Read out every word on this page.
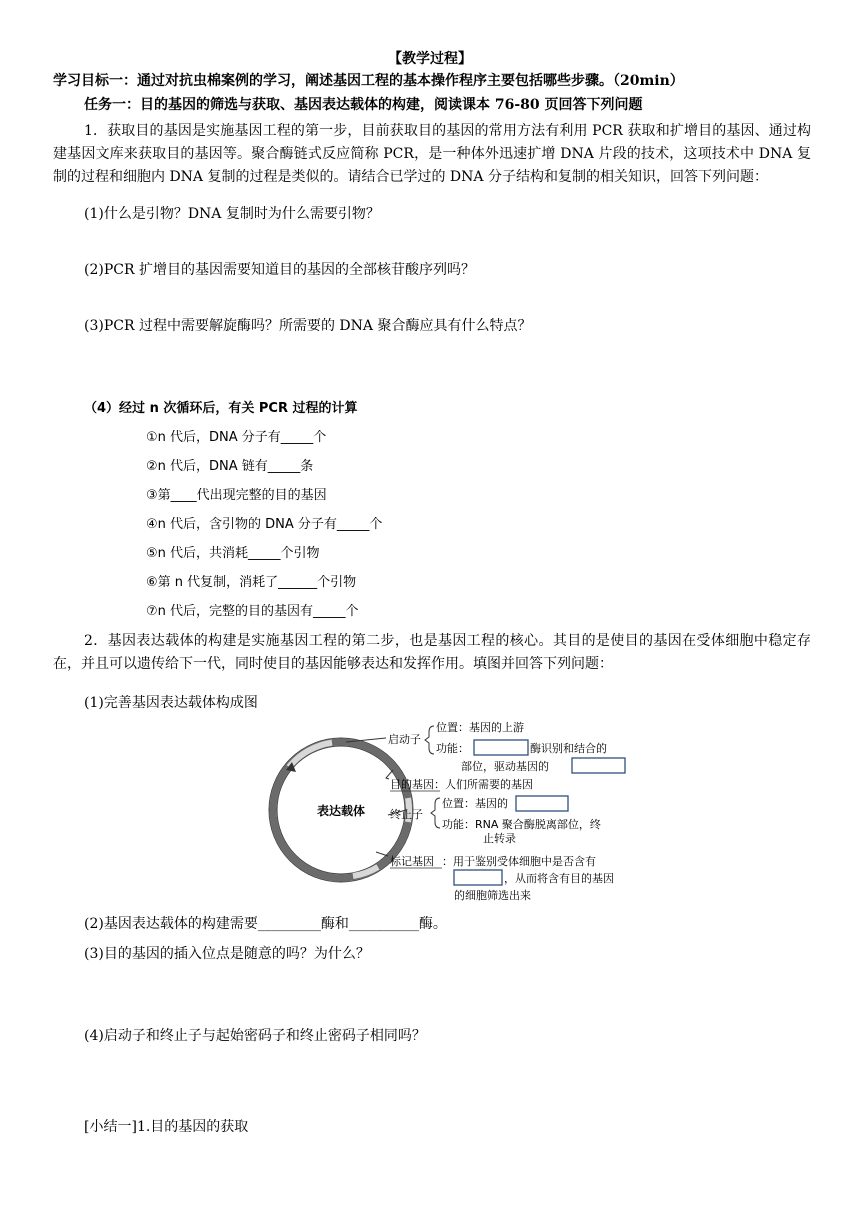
【教学过程】
学习目标一：通过对抗虫棉案例的学习，阐述基因工程的基本操作程序主要包括哪些步骤。（20min）
任务一：目的基因的筛选与获取、基因表达载体的构建，阅读课本 76-80 页回答下列问题
1．获取目的基因是实施基因工程的第一步，目前获取目的基因的常用方法有利用 PCR 获取和扩增目的基因、通过构建基因文库来获取目的基因等。聚合酶链式反应简称 PCR，是一种体外迅速扩增 DNA 片段的技术，这项技术中 DNA 复制的过程和细胞内 DNA 复制的过程是类似的。请结合已学过的 DNA 分子结构和复制的相关知识，回答下列问题：
(1)什么是引物？DNA 复制时为什么需要引物？
(2)PCR 扩增目的基因需要知道目的基因的全部核苷酸序列吗？
(3)PCR 过程中需要解旋酶吗？所需要的 DNA 聚合酶应具有什么特点？
（4）经过 n 次循环后，有关 PCR 过程的计算
①n 代后，DNA 分子有_____个
②n 代后，DNA 链有_____条
③第____代出现完整的目的基因
④n 代后，含引物的 DNA 分子有_____个
⑤n 代后，共消耗_____个引物
⑥第 n 代复制，消耗了______个引物
⑦n 代后，完整的目的基因有_____个
2．基因表达载体的构建是实施基因工程的第二步，也是基因工程的核心。其目的是使目的基因在受体细胞中稳定存在，并且可以遗传给下一代，同时使目的基因能够表达和发挥作用。填图并回答下列问题：
(1)完善基因表达载体构成图
表达载体
启动子
位置：基因的上游
功能：	酶识别和结合的
部位，驱动基因的
目的基因：人们所需要的基因
终止子
位置：基因的
功能：RNA 聚合酶脱离部位，终
止转录
标记基因 ：用于鉴别受体细胞中是否含有
，从而将含有目的基因
的细胞筛选出来
(2)基因表达载体的构建需要_________酶和__________酶。
(3)目的基因的插入位点是随意的吗？为什么？
(4)启动子和终止子与起始密码子和终止密码子相同吗？
[小结一]1.目的基因的获取
